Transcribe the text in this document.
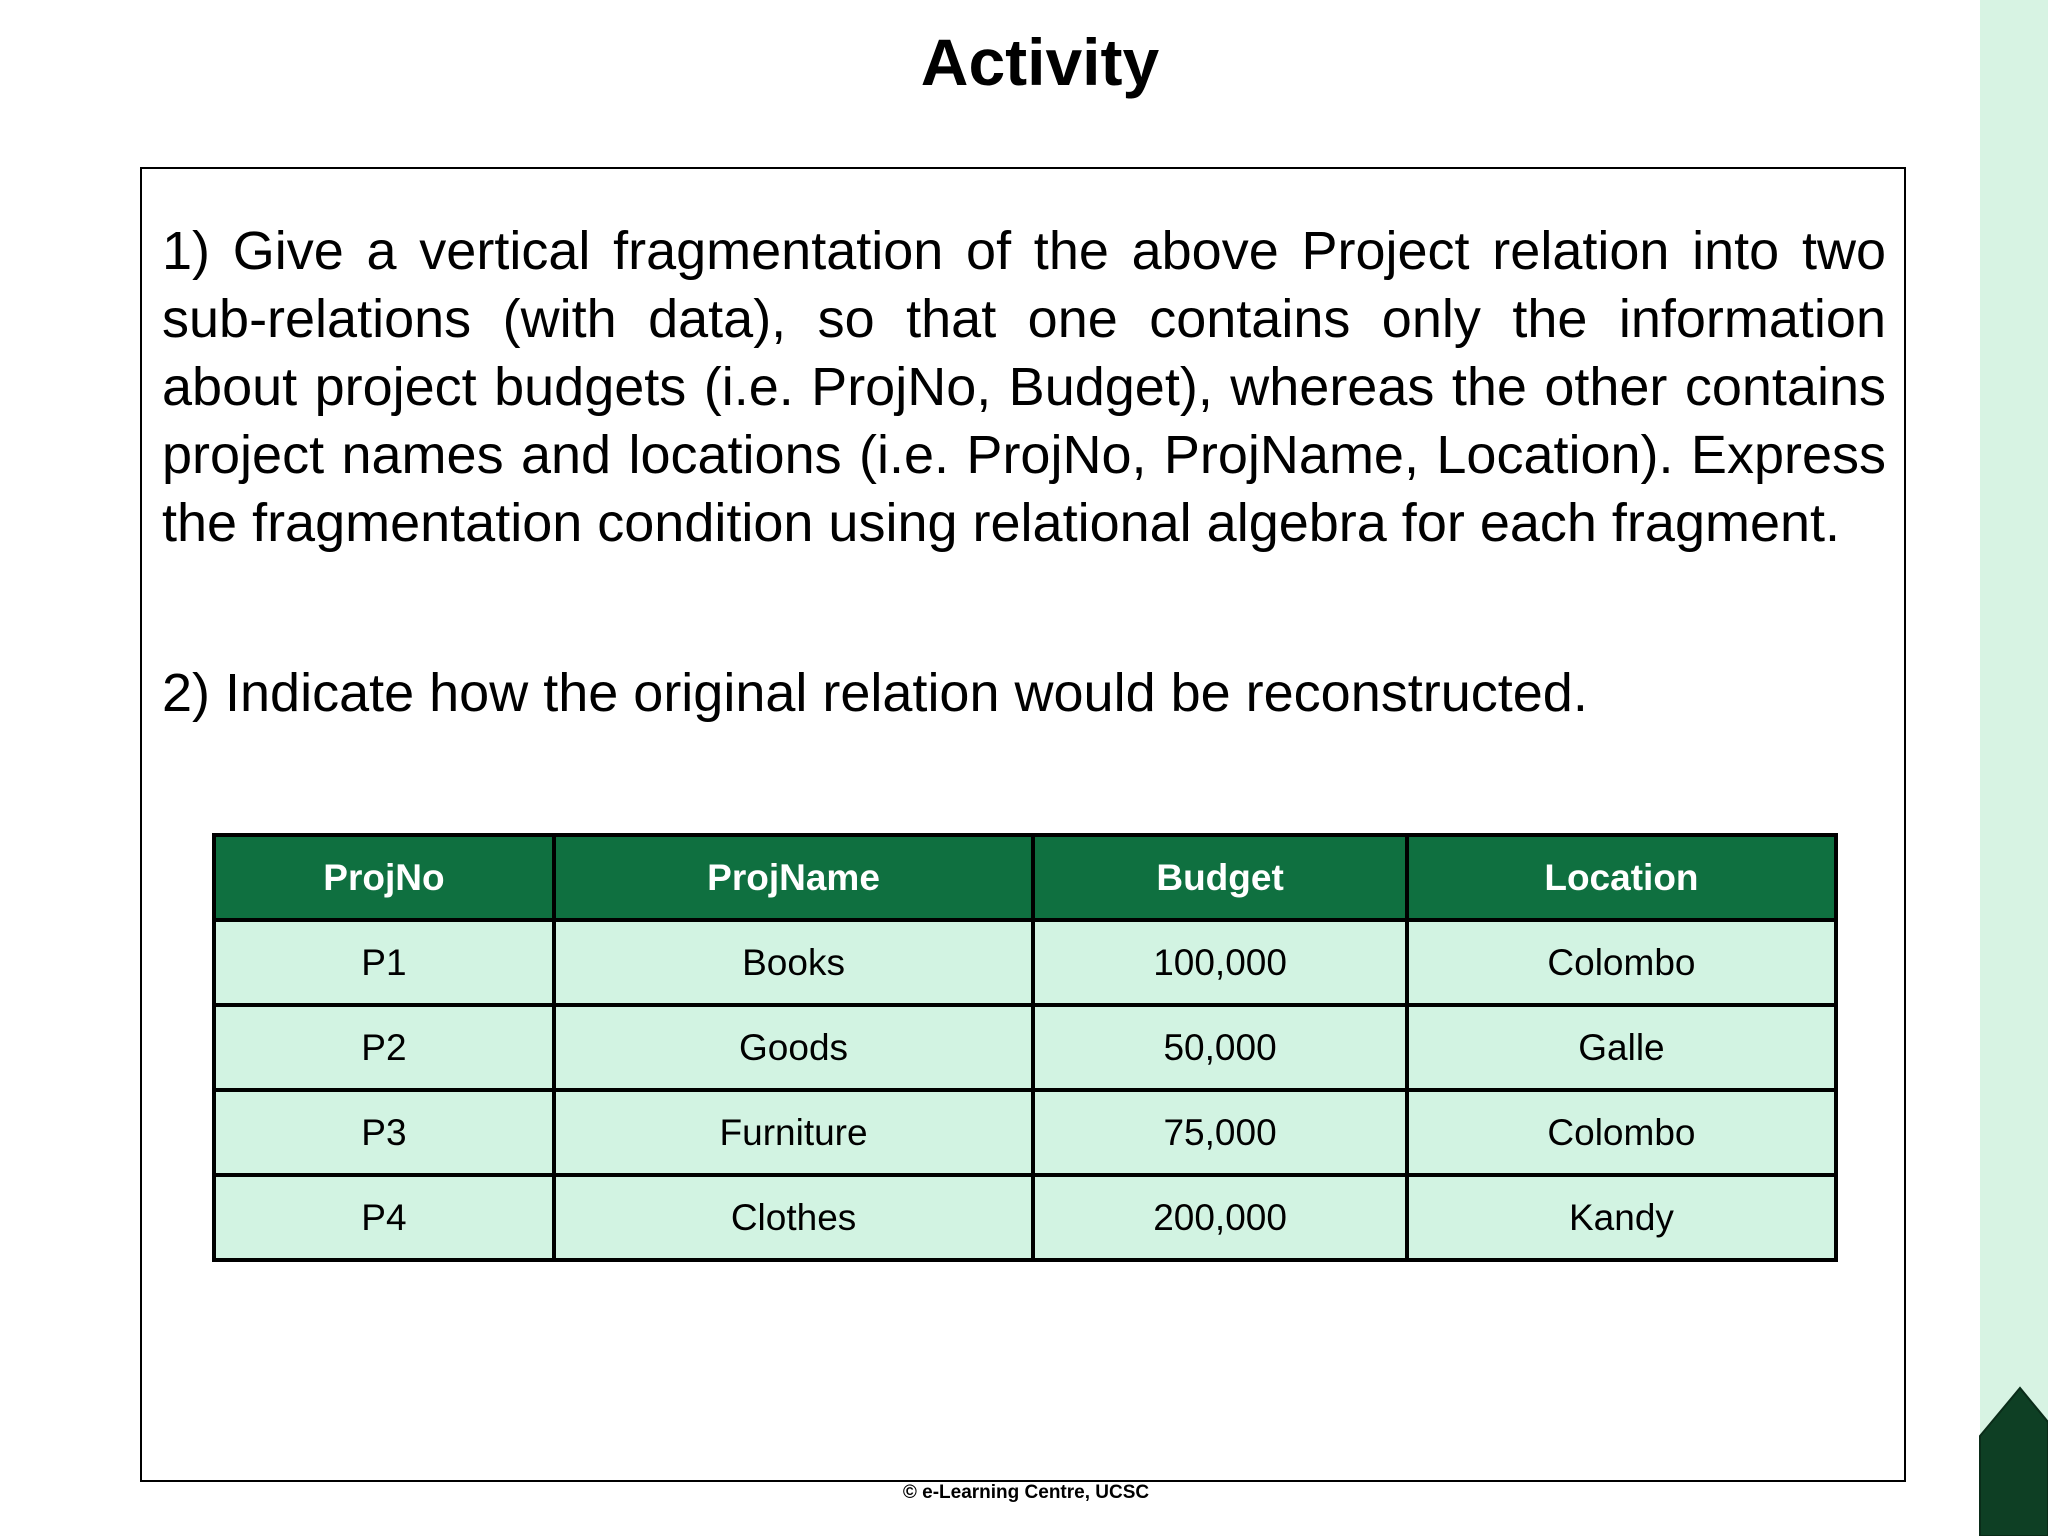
Activity
1) Give a vertical fragmentation of the above Project relation into two sub-relations (with data), so that one contains only the information about project budgets (i.e. ProjNo, Budget), whereas the other contains project names and locations (i.e. ProjNo, ProjName, Location). Express the fragmentation condition using relational algebra for each fragment.
2) Indicate how the original relation would be reconstructed.
ProjNo	ProjName	Budget	Location
P1	Books	100,000	Colombo
P2	Goods	50,000	Galle
P3	Furniture	75,000	Colombo
P4	Clothes	200,000	Kandy
© e-Learning Centre, UCSC
